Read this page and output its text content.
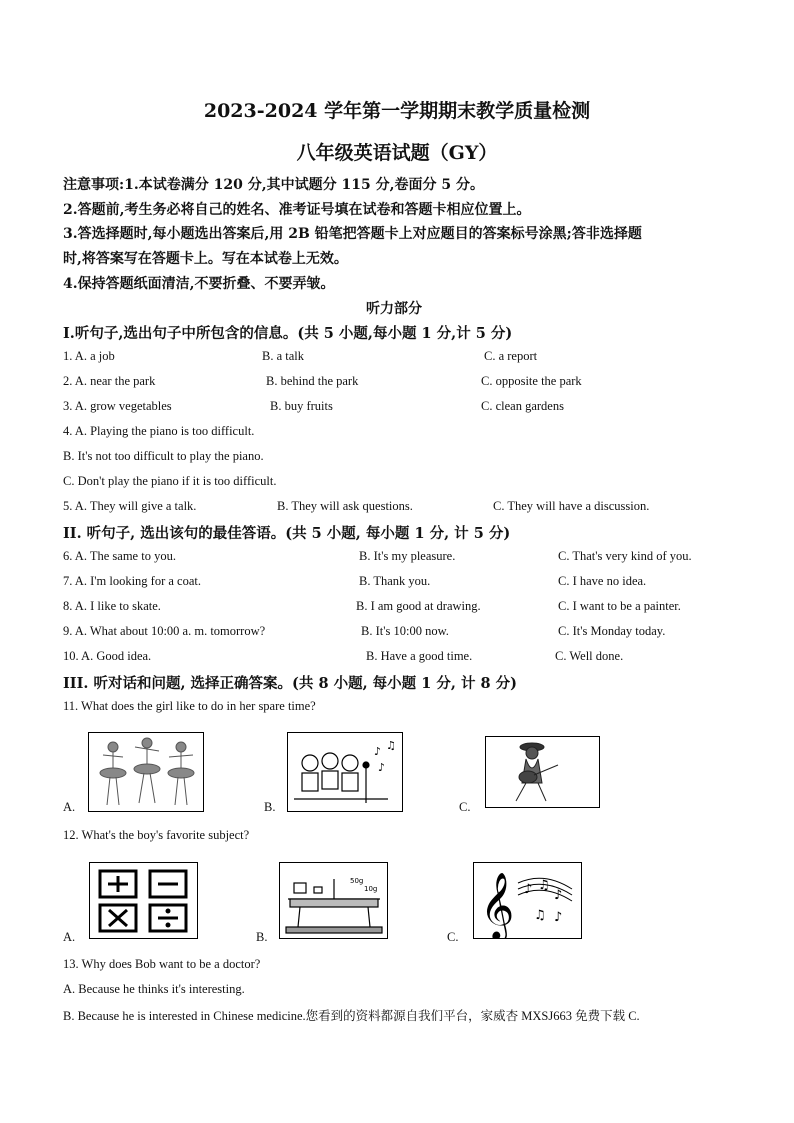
2023-2024 学年第一学期期末教学质量检测
八年级英语试题（GY）
注意事项:1.本试卷满分 120 分,其中试题分 115 分,卷面分 5 分。
2.答题前,考生务必将自己的姓名、准考证号填在试卷和答题卡相应位置上。
3.答选择题时,每小题选出答案后,用 2B 铅笔把答题卡上对应题目的答案标号涂黑;答非选择题
时,将答案写在答题卡上。写在本试卷上无效。
4.保持答题纸面清洁,不要折叠、不要弄皱。
听力部分
Ⅰ.听句子,选出句子中所包含的信息。(共 5 小题,每小题 1 分,计 5 分)
1. A. a job	B. a talk	C. a report
2. A. near the park	B. behind the park	C. opposite the park
3. A. grow vegetables	B. buy fruits	C. clean gardens
4. A. Playing the piano is too difficult.
B. It's not too difficult to play the piano.
C. Don't play the piano if it is too difficult.
5. A. They will give a talk.	B. They will ask questions.	C. They will have a discussion.
II. 听句子, 选出该句的最佳答语。(共 5 小题, 每小题 1 分, 计 5 分)
6. A. The same to you.	B. It's my pleasure.	C. That's very kind of you.
7. A. I'm looking for a coat.	B. Thank you.	C. I have no idea.
8. A. I like to skate.	B. I am good at drawing.	C. I want to be a painter.
9. A. What about 10:00 a. m. tomorrow?	B. It's 10:00 now.	C. It's Monday today.
10. A. Good idea.	B. Have a good time.	C. Well done.
III. 听对话和问题, 选择正确答案。(共 8 小题, 每小题 1 分, 计 8 分)
11. What does the girl like to do in her spare time?
A.
♪ ♫
♪
B.	C.
12. What's the boy's favorite subject?
A.
50g
10g
B.	𝄞 ♪ ♫
♪
♫ ♪
C.
13. Why does Bob want to be a doctor?
A. Because he thinks it's interesting.
B. Because he is interested in Chinese medicine.您看到的资料都源自我们平台，家威杏 MXSJ663 免费下载 C.
